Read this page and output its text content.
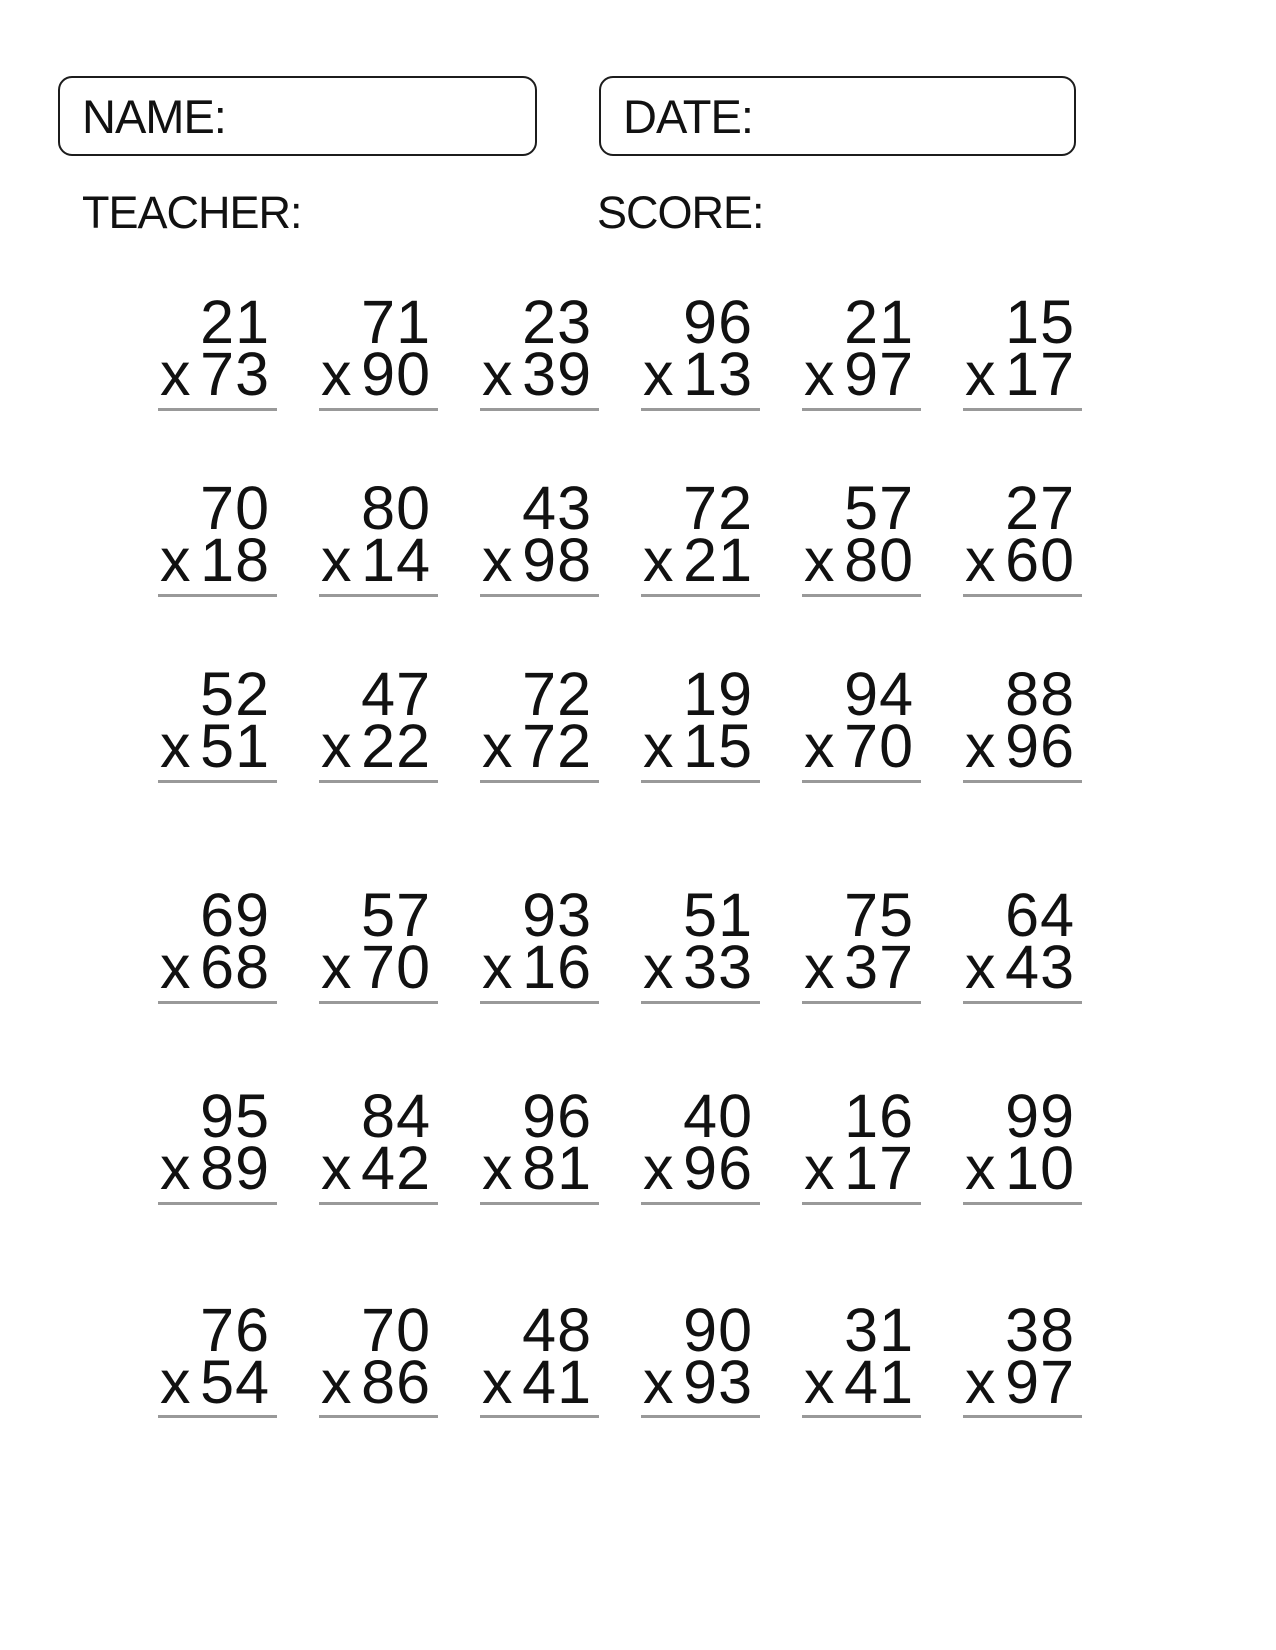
NAME:	DATE:
TEACHER:	SCORE:
21
x 73
71
x 90
23
x 39
96
x 13
21
x 97
15
x 17
70
x 18
80
x 14
43
x 98
72
x 21
57
x 80
27
x 60
52
x 51
47
x 22
72
x 72
19
x 15
94
x 70
88
x 96
69
x 68
57
x 70
93
x 16
51
x 33
75
x 37
64
x 43
95
x 89
84
x 42
96
x 81
40
x 96
16
x 17
99
x 10
76
x 54
70
x 86
48
x 41
90
x 93
31
x 41
38
x 97
